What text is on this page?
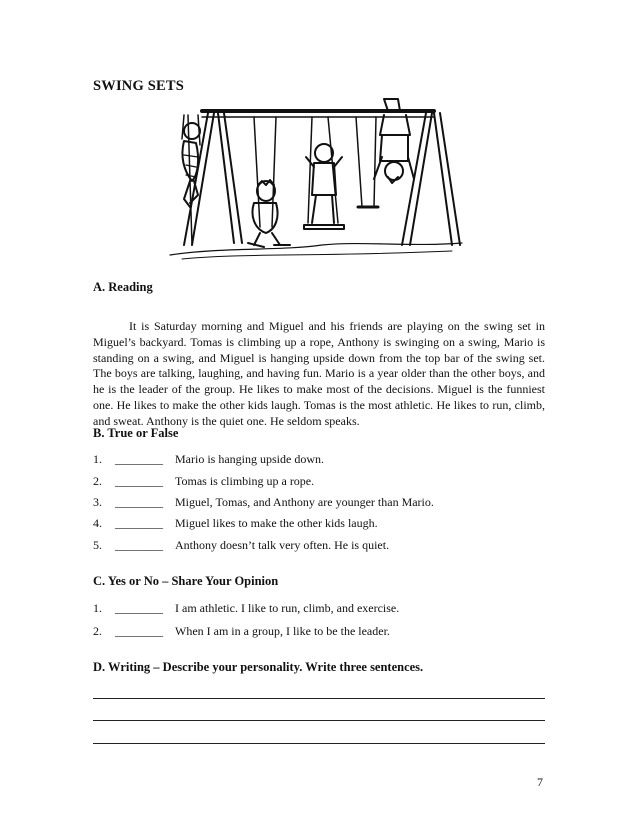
SWING SETS
A. Reading
It is Saturday morning and Miguel and his friends are playing on the swing set in Miguel’s backyard. Tomas is climbing up a rope, Anthony is swinging on a swing, Mario is standing on a swing, and Miguel is hanging upside down from the top bar of the swing set. The boys are talking, laughing, and having fun. Mario is a year older than the other boys, and he is the leader of the group. He likes to make most of the decisions. Miguel is the funniest one. He likes to make the other kids laugh. Tomas is the most athletic. He likes to run, climb, and sweat. Anthony is the quiet one. He seldom speaks.
B. True or False
1. ________ Mario is hanging upside down.
2. ________ Tomas is climbing up a rope.
3. ________ Miguel, Tomas, and Anthony are younger than Mario.
4. ________ Miguel likes to make the other kids laugh.
5. ________ Anthony doesn’t talk very often. He is quiet.
C. Yes or No – Share Your Opinion
1. ________ I am athletic. I like to run, climb, and exercise.
2. ________ When I am in a group, I like to be the leader.
D. Writing – Describe your personality. Write three sentences.
7
